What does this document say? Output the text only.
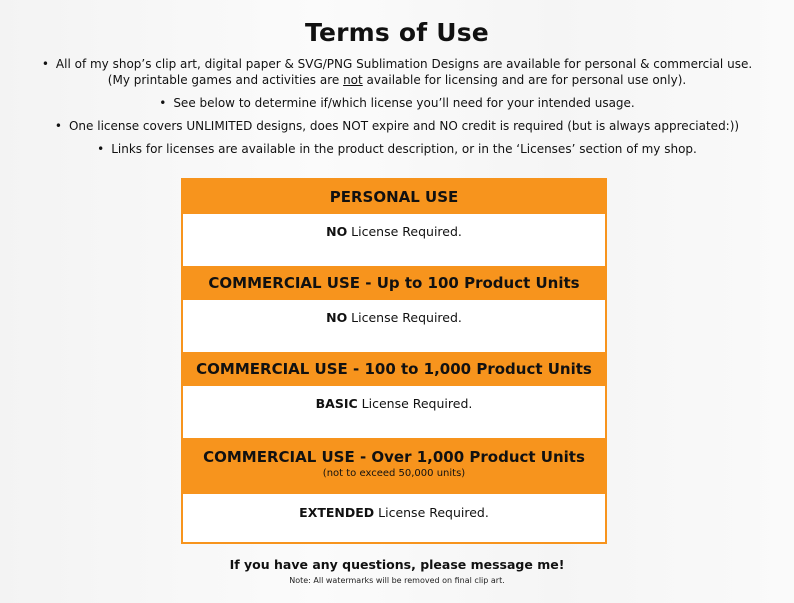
Terms of Use
• All of my shop’s clip art, digital paper & SVG/PNG Sublimation Designs are available for personal & commercial use.
(My printable games and activities are not available for licensing and are for personal use only).
• See below to determine if/which license you’ll need for your intended usage.
• One license covers UNLIMITED designs, does NOT expire and NO credit is required (but is always appreciated:))
• Links for licenses are available in the product description, or in the ‘Licenses’ section of my shop.
PERSONAL USE
NO License Required.
COMMERCIAL USE - Up to 100 Product Units
NO License Required.
COMMERCIAL USE - 100 to 1,000 Product Units
BASIC License Required.
COMMERCIAL USE - Over 1,000 Product Units
(not to exceed 50,000 units)
EXTENDED License Required.
If you have any questions, please message me!
Note: All watermarks will be removed on final clip art.
